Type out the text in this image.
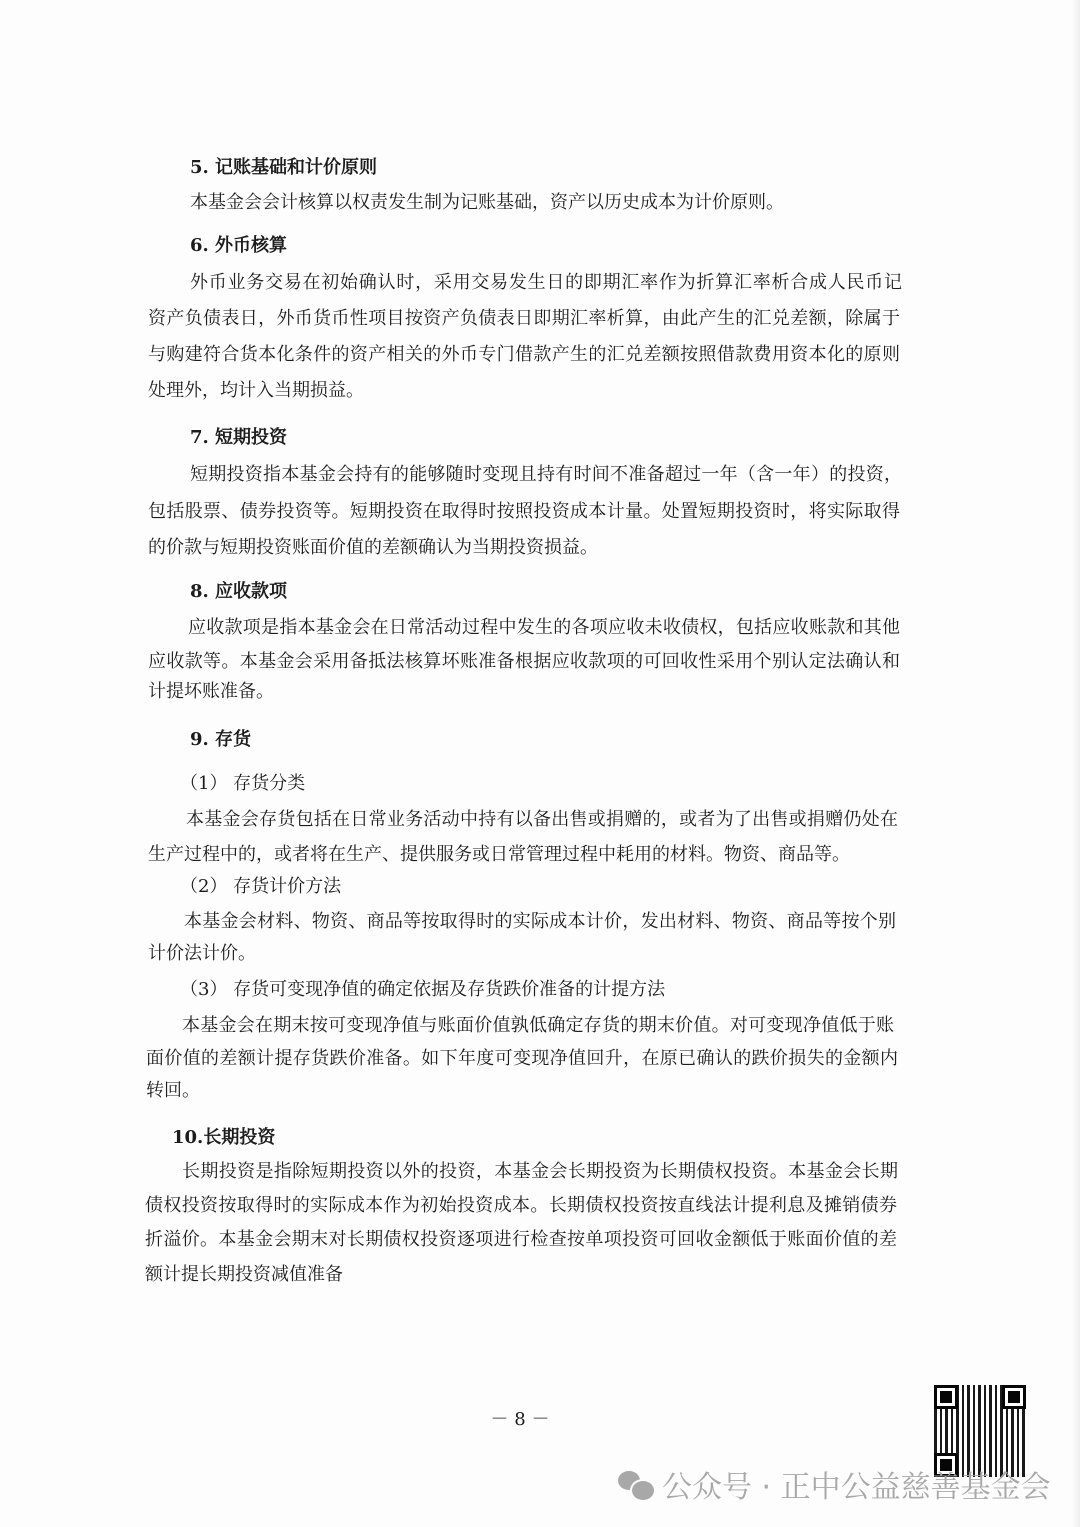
5. 记账基础和计价原则
本基金会会计核算以权责发生制为记账基础，资产以历史成本为计价原则。
6. 外币核算
外币业务交易在初始确认时，采用交易发生日的即期汇率作为折算汇率析合成人民币记
资产负债表日，外币货币性项目按资产负债表日即期汇率析算，由此产生的汇兑差额，除属于
与购建符合货本化条件的资产相关的外币专门借款产生的汇兑差额按照借款费用资本化的原则
处理外，均计入当期损益。
7. 短期投资
短期投资指本基金会持有的能够随时变现且持有时间不准备超过一年（含一年）的投资，
包括股票、债券投资等。短期投资在取得时按照投资成本计量。处置短期投资时，将实际取得
的价款与短期投资账面价值的差额确认为当期投资损益。
8. 应收款项
应收款项是指本基金会在日常活动过程中发生的各项应收未收债权，包括应收账款和其他
应收款等。本基金会采用备抵法核算坏账准备根据应收款项的可回收性采用个别认定法确认和
计提坏账准备。
9. 存货
（1） 存货分类
本基金会存货包括在日常业务活动中持有以备出售或捐赠的，或者为了出售或捐赠仍处在
生产过程中的，或者将在生产、提供服务或日常管理过程中耗用的材料。物资、商品等。
（2） 存货计价方法
本基金会材料、物资、商品等按取得时的实际成本计价，发出材料、物资、商品等按个别
计价法计价。
（3） 存货可变现净值的确定依据及存货跌价准备的计提方法
本基金会在期末按可变现净值与账面价值孰低确定存货的期末价值。对可变现净值低于账
面价值的差额计提存货跌价准备。如下年度可变现净值回升，在原已确认的跌价损失的金额内
转回。
10.长期投资
长期投资是指除短期投资以外的投资，本基金会长期投资为长期债权投资。本基金会长期
债权投资按取得时的实际成本作为初始投资成本。长期债权投资按直线法计提利息及摊销债券
折溢价。本基金会期末对长期债权投资逐项进行检查按单项投资可回收金额低于账面价值的差
额计提长期投资减值准备
－ 8 －
公众号 · 正中公益慈善基金会
